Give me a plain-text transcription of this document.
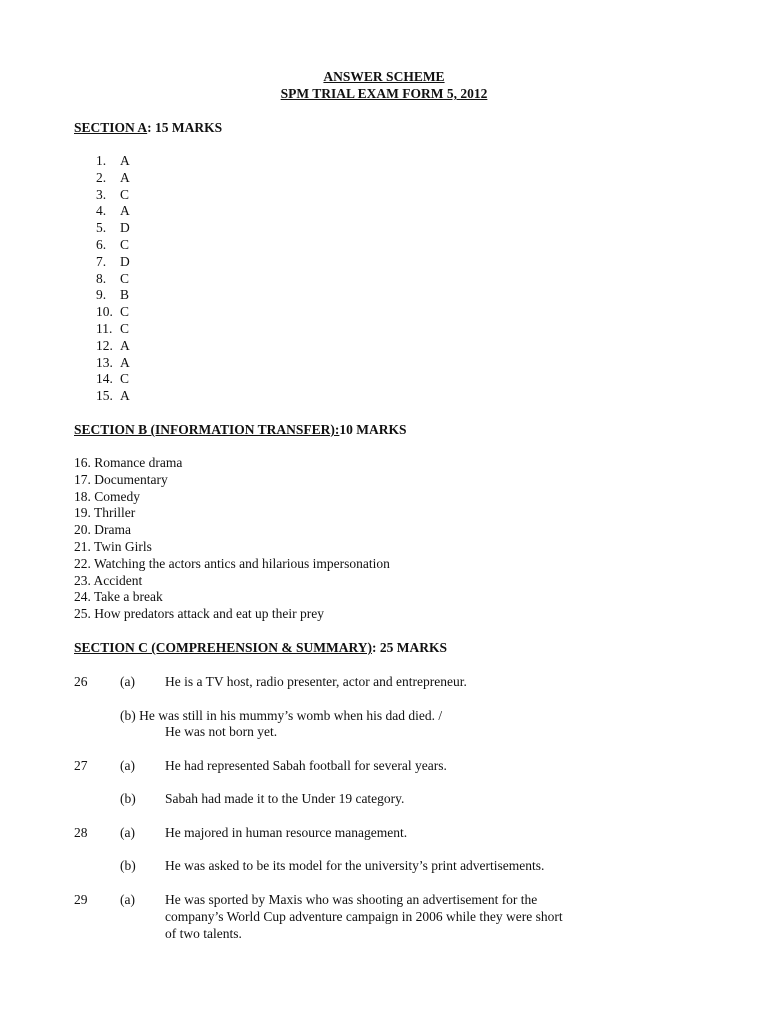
ANSWER SCHEME
SPM TRIAL EXAM FORM 5, 2012
SECTION A: 15 MARKS
1. A
2. A
3. C
4. A
5. D
6. C
7. D
8. C
9. B
10. C
11. C
12. A
13. A
14. C
15. A
SECTION B (INFORMATION TRANSFER):10 MARKS
16. Romance drama
17. Documentary
18. Comedy
19. Thriller
20. Drama
21. Twin Girls
22. Watching the actors antics and hilarious impersonation
23. Accident
24. Take a break
25. How predators attack and eat up their prey
SECTION C (COMPREHENSION & SUMMARY): 25 MARKS
26 (a) He is a TV host, radio presenter, actor and entrepreneur.
(b) He was still in his mummy’s womb when his dad died. /
He was not born yet.
27 (a) He had represented Sabah football for several years.
(b) Sabah had made it to the Under 19 category.
28 (a) He majored in human resource management.
(b) He was asked to be its model for the university’s print advertisements.
29 (a) He was sported by Maxis who was shooting an advertisement for the
company’s World Cup adventure campaign in 2006 while they were short
of two talents.
